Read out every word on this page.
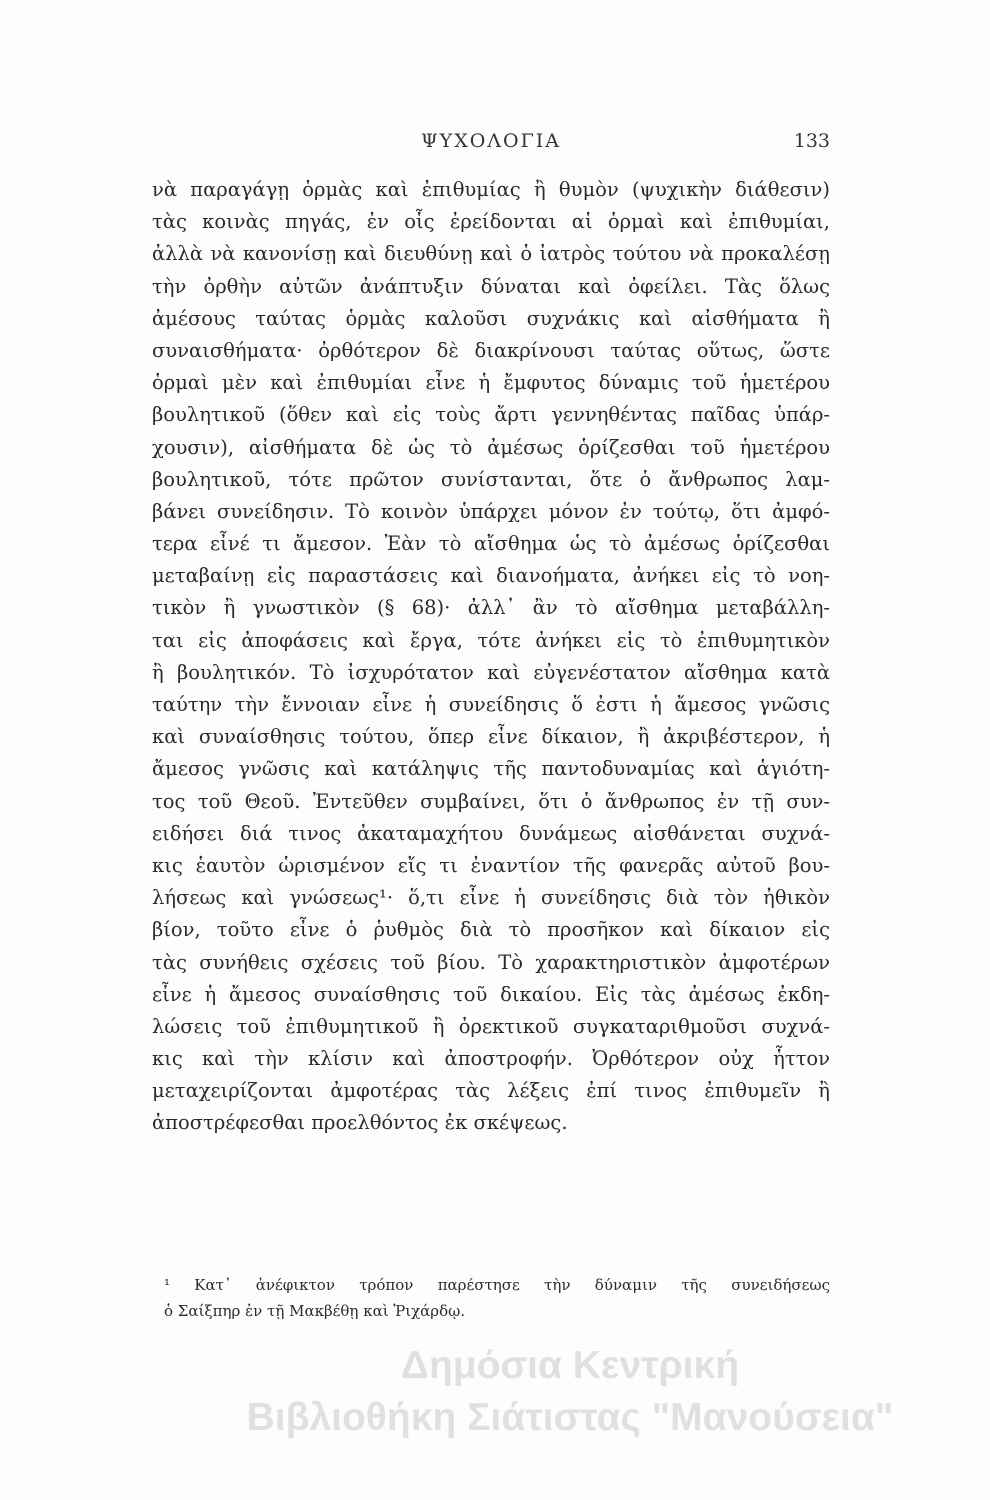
ΨΥΧΟΛΟΓΙΑ	133
νὰ παραγάγῃ ὁρμὰς καὶ ἐπιθυμίας ἢ θυμὸν (ψυχικὴν διάθεσιν)
τὰς κοινὰς πηγάς, ἐν οἷς ἐρείδονται αἱ ὁρμαὶ καὶ ἐπιθυμίαι,
ἀλλὰ νὰ κανονίσῃ καὶ διευθύνῃ καὶ ὁ ἰατρὸς τούτου νὰ προκαλέσῃ
τὴν ὀρθὴν αὐτῶν ἀνάπτυξιν δύναται καὶ ὀφείλει. Τὰς ὅλως
ἀμέσους ταύτας ὁρμὰς καλοῦσι συχνάκις καὶ αἰσθήματα ἢ
συναισθήματα· ὀρθότερον δὲ διακρίνουσι ταύτας οὕτως, ὥστε
ὁρμαὶ μὲν καὶ ἐπιθυμίαι εἶνε ἡ ἔμφυτος δύναμις τοῦ ἡμετέρου
βουλητικοῦ (ὅθεν καὶ εἰς τοὺς ἄρτι γεννηθέντας παῖδας ὑπάρ-
χουσιν), αἰσθήματα δὲ ὡς τὸ ἀμέσως ὁρίζεσθαι τοῦ ἡμετέρου
βουλητικοῦ, τότε πρῶτον συνίστανται, ὅτε ὁ ἄνθρωπος λαμ-
βάνει συνείδησιν. Τὸ κοινὸν ὑπάρχει μόνον ἐν τούτῳ, ὅτι ἀμφό-
τερα εἶνέ τι ἄμεσον. Ἐὰν τὸ αἴσθημα ὡς τὸ ἀμέσως ὁρίζεσθαι
μεταβαίνῃ εἰς παραστάσεις καὶ διανοήματα, ἀνήκει εἰς τὸ νοη-
τικὸν ἢ γνωστικὸν (§ 68)· ἀλλ᾽ ἂν τὸ αἴσθημα μεταβάλλη-
ται εἰς ἀποφάσεις καὶ ἔργα, τότε ἀνήκει εἰς τὸ ἐπιθυμητικὸν
ἢ βουλητικόν. Τὸ ἰσχυρότατον καὶ εὐγενέστατον αἴσθημα κατὰ
ταύτην τὴν ἔννοιαν εἶνε ἡ συνείδησις ὅ ἐστι ἡ ἄμεσος γνῶσις
καὶ συναίσθησις τούτου, ὅπερ εἶνε δίκαιον, ἢ ἀκριβέστερον, ἡ
ἄμεσος γνῶσις καὶ κατάληψις τῆς παντοδυναμίας καὶ ἁγιότη-
τος τοῦ Θεοῦ. Ἐντεῦθεν συμβαίνει, ὅτι ὁ ἄνθρωπος ἐν τῇ συν-
ειδήσει διά τινος ἀκαταμαχήτου δυνάμεως αἰσθάνεται συχνά-
κις ἑαυτὸν ὡρισμένον εἴς τι ἐναντίον τῆς φανερᾶς αὐτοῦ βου-
λήσεως καὶ γνώσεως¹· ὅ,τι εἶνε ἡ συνείδησις διὰ τὸν ἠθικὸν
βίον, τοῦτο εἶνε ὁ ῥυθμὸς διὰ τὸ προσῆκον καὶ δίκαιον εἰς
τὰς συνήθεις σχέσεις τοῦ βίου. Τὸ χαρακτηριστικὸν ἀμφοτέρων
εἶνε ἡ ἄμεσος συναίσθησις τοῦ δικαίου. Εἰς τὰς ἀμέσως ἐκδη-
λώσεις τοῦ ἐπιθυμητικοῦ ἢ ὀρεκτικοῦ συγκαταριθμοῦσι συχνά-
κις καὶ τὴν κλίσιν καὶ ἀποστροφήν. Ὀρθότερον οὐχ ἧττον
μεταχειρίζονται ἀμφοτέρας τὰς λέξεις ἐπί τινος ἐπιθυμεῖν ἢ
ἀποστρέφεσθαι προελθόντος ἐκ σκέψεως.
¹ Κατ᾽ ἀνέφικτον τρόπον παρέστησε τὴν δύναμιν τῆς συνειδήσεως
ὁ Σαίξπηρ ἐν τῇ Μακβέθῃ καὶ Ῥιχάρδῳ.
Δημόσια Κεντρική
Βιβλιοθήκη Σιάτιστας "Μανούσεια"
